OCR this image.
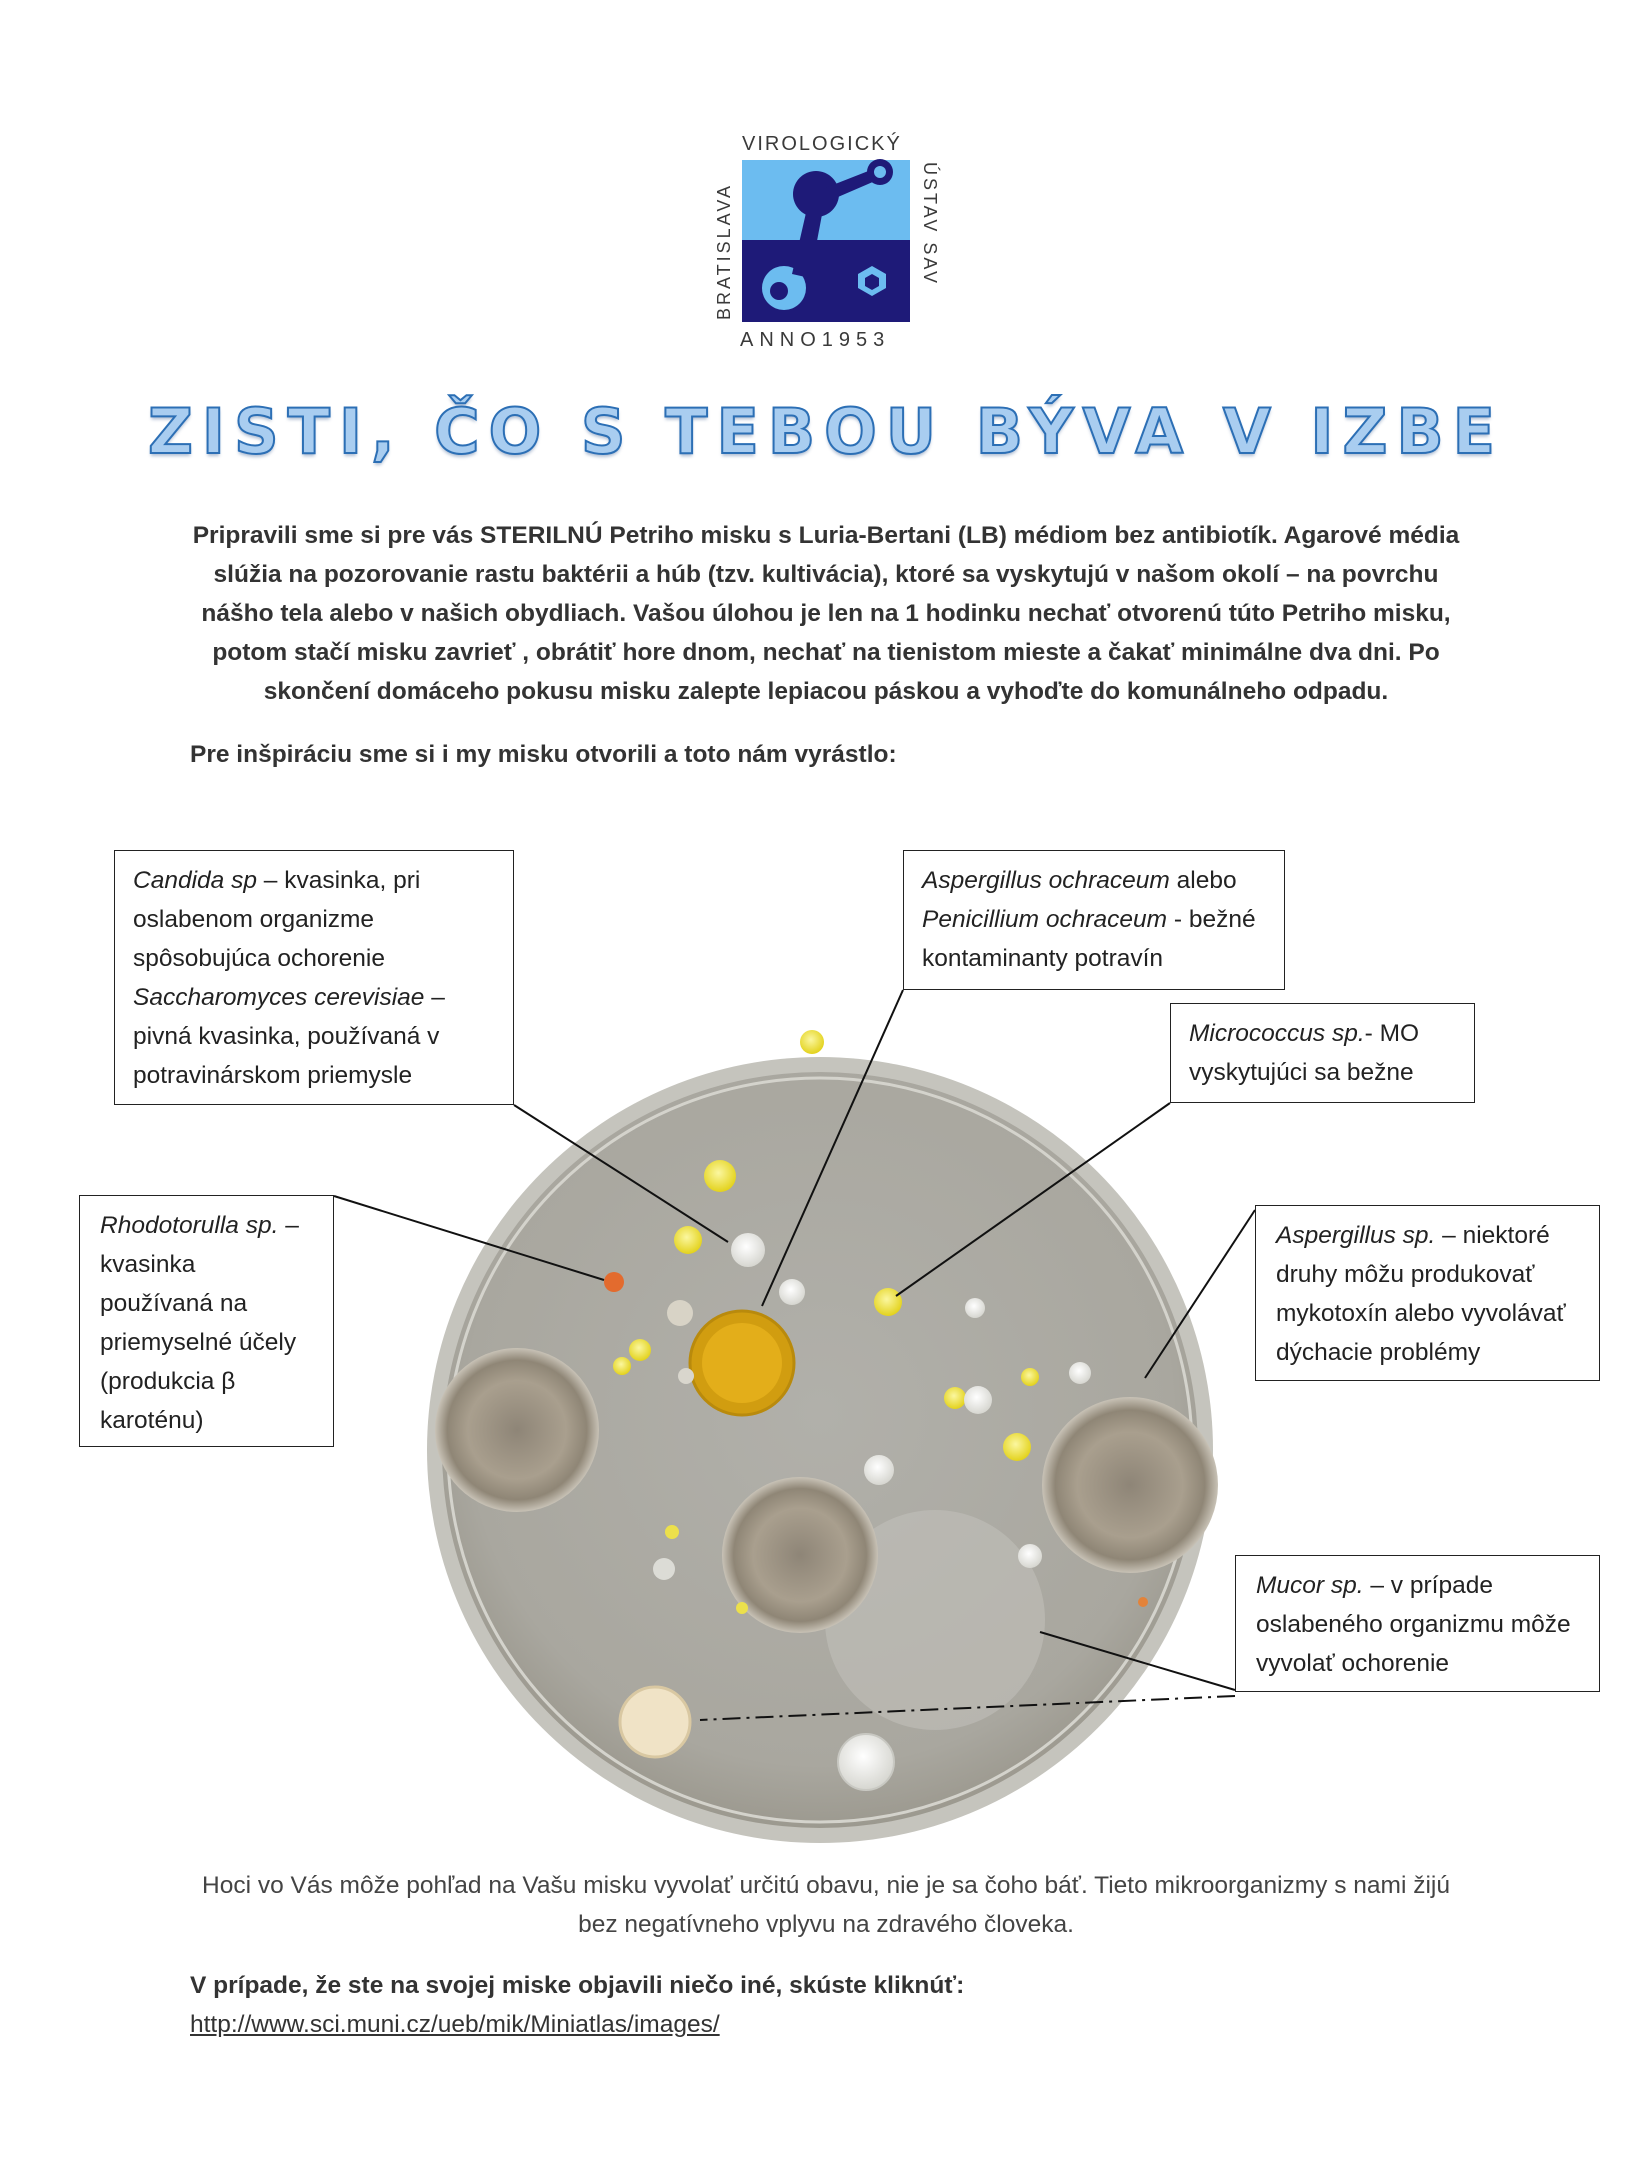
VIROLOGICKÝ
BRATISLAVA	ÚSTAV SAV
ANNO1953
ZISTI, ČO S TEBOU BÝVA V IZBE

Pripravili sme si pre vás STERILNÚ Petriho misku s Luria-Bertani (LB) médiom bez antibiotík. Agarové média slúžia na pozorovanie rastu baktérii a húb (tzv. kultivácia), ktoré sa vyskytujú v našom okolí – na povrchu nášho tela alebo v našich obydliach. Vašou úlohou je len na 1 hodinku nechať otvorenú túto Petriho misku, potom stačí misku zavrieť , obrátiť hore dnom, nechať na tienistom mieste a čakať minimálne dva dni. Po skončení domáceho pokusu misku zalepte lepiacou páskou a vyhoďte do komunálneho odpadu.

Pre inšpiráciu sme si i my misku otvorili a toto nám vyrástlo:

Candida sp – kvasinka, pri oslabenom organizme spôsobujúca ochorenie Saccharomyces cerevisiae – pivná kvasinka, používaná v potravinárskom priemysle
Aspergillus ochraceum alebo Penicillium ochraceum - bežné kontaminanty potravín
Micrococcus sp.- MO vyskytujúci sa bežne
Rhodotorulla sp. – kvasinka používaná na priemyselné účely (produkcia β karoténu)
Aspergillus sp. – niektoré druhy môžu produkovať mykotoxín alebo vyvolávať dýchacie problémy
Mucor sp. – v prípade oslabeného organizmu môže vyvolať ochorenie

Hoci vo Vás môže pohľad na Vašu misku vyvolať určitú obavu, nie je sa čoho báť. Tieto mikroorganizmy s nami žijú bez negatívneho vplyvu na zdravého človeka.

V prípade, že ste na svojej miske objavili niečo iné, skúste kliknúť:

http://www.sci.muni.cz/ueb/mik/Miniatlas/images/
